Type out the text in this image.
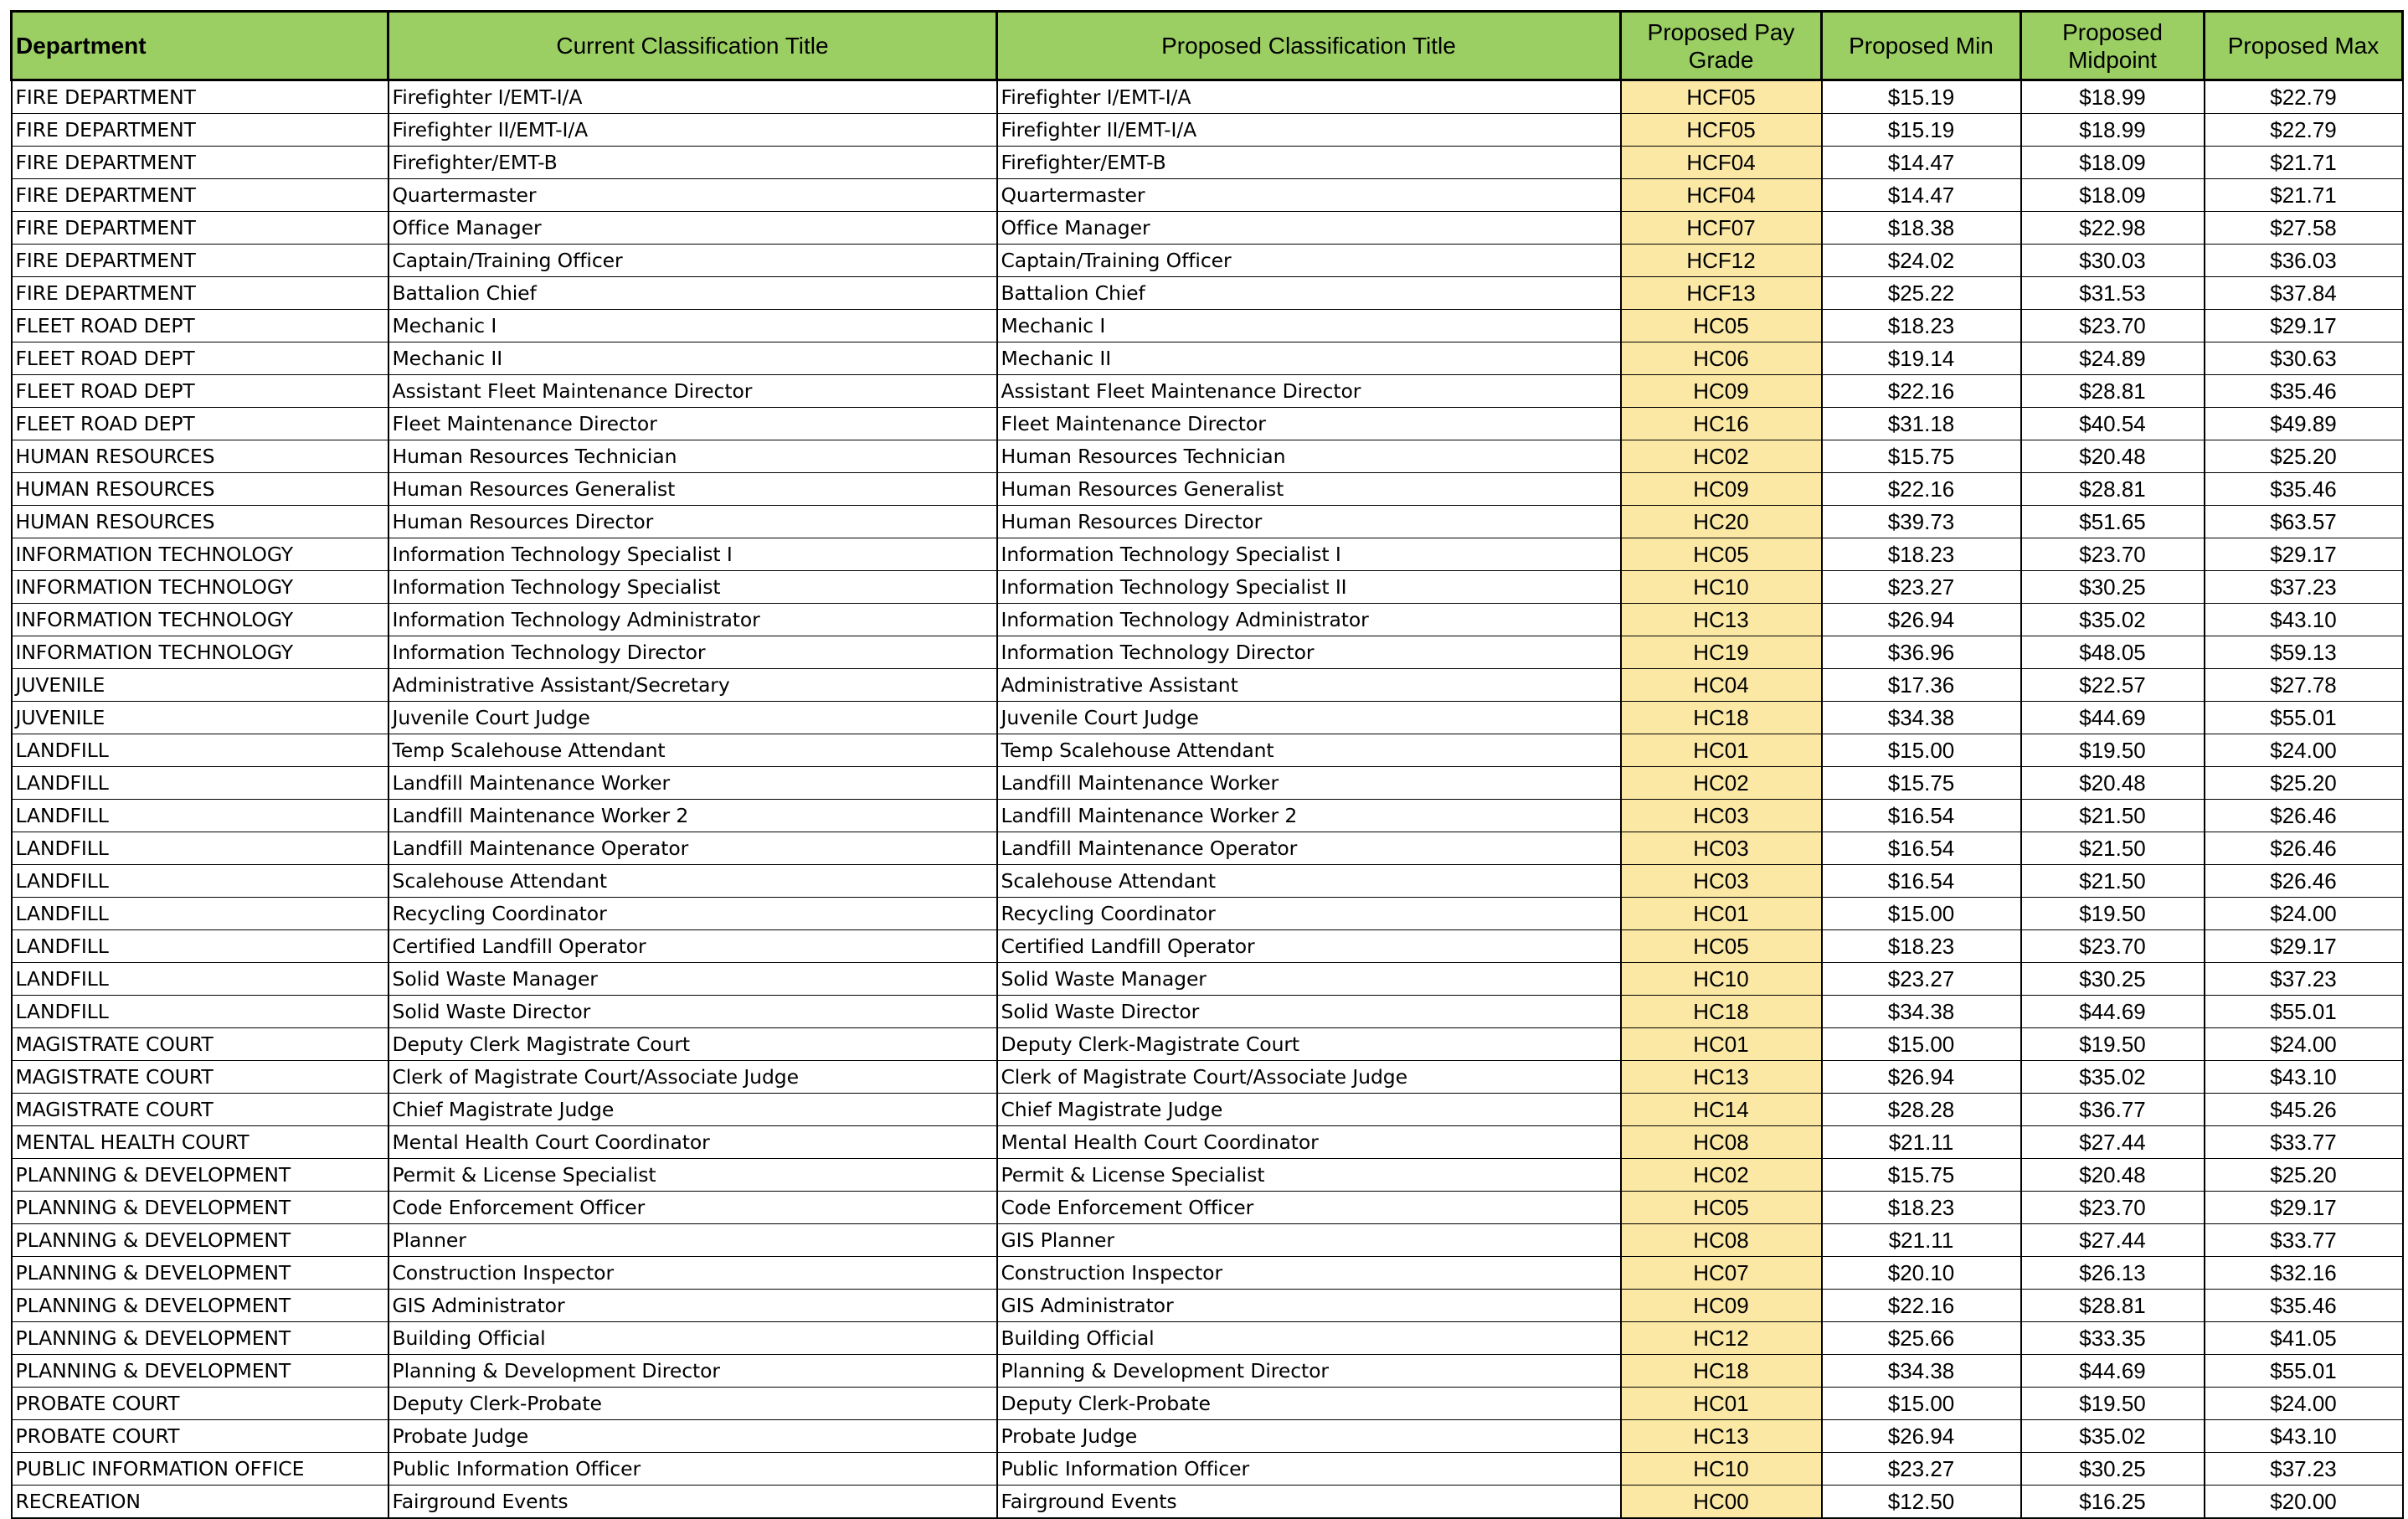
Department	Current Classification Title	Proposed Classification Title	Proposed Pay Grade	Proposed Min	Proposed Midpoint	Proposed Max
FIRE DEPARTMENT	Firefighter I/EMT-I/A	Firefighter I/EMT-I/A	HCF05	$15.19	$18.99	$22.79
FIRE DEPARTMENT	Firefighter II/EMT-I/A	Firefighter II/EMT-I/A	HCF05	$15.19	$18.99	$22.79
FIRE DEPARTMENT	Firefighter/EMT-B	Firefighter/EMT-B	HCF04	$14.47	$18.09	$21.71
FIRE DEPARTMENT	Quartermaster	Quartermaster	HCF04	$14.47	$18.09	$21.71
FIRE DEPARTMENT	Office Manager	Office Manager	HCF07	$18.38	$22.98	$27.58
FIRE DEPARTMENT	Captain/Training Officer	Captain/Training Officer	HCF12	$24.02	$30.03	$36.03
FIRE DEPARTMENT	Battalion Chief	Battalion Chief	HCF13	$25.22	$31.53	$37.84
FLEET ROAD DEPT	Mechanic I	Mechanic I	HC05	$18.23	$23.70	$29.17
FLEET ROAD DEPT	Mechanic II	Mechanic II	HC06	$19.14	$24.89	$30.63
FLEET ROAD DEPT	Assistant Fleet Maintenance Director	Assistant Fleet Maintenance Director	HC09	$22.16	$28.81	$35.46
FLEET ROAD DEPT	Fleet Maintenance Director	Fleet Maintenance Director	HC16	$31.18	$40.54	$49.89
HUMAN RESOURCES	Human Resources Technician	Human Resources Technician	HC02	$15.75	$20.48	$25.20
HUMAN RESOURCES	Human Resources Generalist	Human Resources Generalist	HC09	$22.16	$28.81	$35.46
HUMAN RESOURCES	Human Resources Director	Human Resources Director	HC20	$39.73	$51.65	$63.57
INFORMATION TECHNOLOGY	Information Technology Specialist I	Information Technology Specialist I	HC05	$18.23	$23.70	$29.17
INFORMATION TECHNOLOGY	Information Technology Specialist	Information Technology Specialist II	HC10	$23.27	$30.25	$37.23
INFORMATION TECHNOLOGY	Information Technology Administrator	Information Technology Administrator	HC13	$26.94	$35.02	$43.10
INFORMATION TECHNOLOGY	Information Technology Director	Information Technology Director	HC19	$36.96	$48.05	$59.13
JUVENILE	Administrative Assistant/Secretary	Administrative Assistant	HC04	$17.36	$22.57	$27.78
JUVENILE	Juvenile Court Judge	Juvenile Court Judge	HC18	$34.38	$44.69	$55.01
LANDFILL	Temp Scalehouse Attendant	Temp Scalehouse Attendant	HC01	$15.00	$19.50	$24.00
LANDFILL	Landfill Maintenance Worker	Landfill Maintenance Worker	HC02	$15.75	$20.48	$25.20
LANDFILL	Landfill Maintenance Worker 2	Landfill Maintenance Worker 2	HC03	$16.54	$21.50	$26.46
LANDFILL	Landfill Maintenance Operator	Landfill Maintenance Operator	HC03	$16.54	$21.50	$26.46
LANDFILL	Scalehouse Attendant	Scalehouse Attendant	HC03	$16.54	$21.50	$26.46
LANDFILL	Recycling Coordinator	Recycling Coordinator	HC01	$15.00	$19.50	$24.00
LANDFILL	Certified Landfill Operator	Certified Landfill Operator	HC05	$18.23	$23.70	$29.17
LANDFILL	Solid Waste Manager	Solid Waste Manager	HC10	$23.27	$30.25	$37.23
LANDFILL	Solid Waste Director	Solid Waste Director	HC18	$34.38	$44.69	$55.01
MAGISTRATE COURT	Deputy Clerk Magistrate Court	Deputy Clerk-Magistrate Court	HC01	$15.00	$19.50	$24.00
MAGISTRATE COURT	Clerk of Magistrate Court/Associate Judge	Clerk of Magistrate Court/Associate Judge	HC13	$26.94	$35.02	$43.10
MAGISTRATE COURT	Chief Magistrate Judge	Chief Magistrate Judge	HC14	$28.28	$36.77	$45.26
MENTAL HEALTH COURT	Mental Health Court Coordinator	Mental Health Court Coordinator	HC08	$21.11	$27.44	$33.77
PLANNING & DEVELOPMENT	Permit & License Specialist	Permit & License Specialist	HC02	$15.75	$20.48	$25.20
PLANNING & DEVELOPMENT	Code Enforcement Officer	Code Enforcement Officer	HC05	$18.23	$23.70	$29.17
PLANNING & DEVELOPMENT	Planner	GIS Planner	HC08	$21.11	$27.44	$33.77
PLANNING & DEVELOPMENT	Construction Inspector	Construction Inspector	HC07	$20.10	$26.13	$32.16
PLANNING & DEVELOPMENT	GIS Administrator	GIS Administrator	HC09	$22.16	$28.81	$35.46
PLANNING & DEVELOPMENT	Building Official	Building Official	HC12	$25.66	$33.35	$41.05
PLANNING & DEVELOPMENT	Planning & Development Director	Planning & Development Director	HC18	$34.38	$44.69	$55.01
PROBATE COURT	Deputy Clerk-Probate	Deputy Clerk-Probate	HC01	$15.00	$19.50	$24.00
PROBATE COURT	Probate Judge	Probate Judge	HC13	$26.94	$35.02	$43.10
PUBLIC INFORMATION OFFICE	Public Information Officer	Public Information Officer	HC10	$23.27	$30.25	$37.23
RECREATION	Fairground Events	Fairground Events	HC00	$12.50	$16.25	$20.00
